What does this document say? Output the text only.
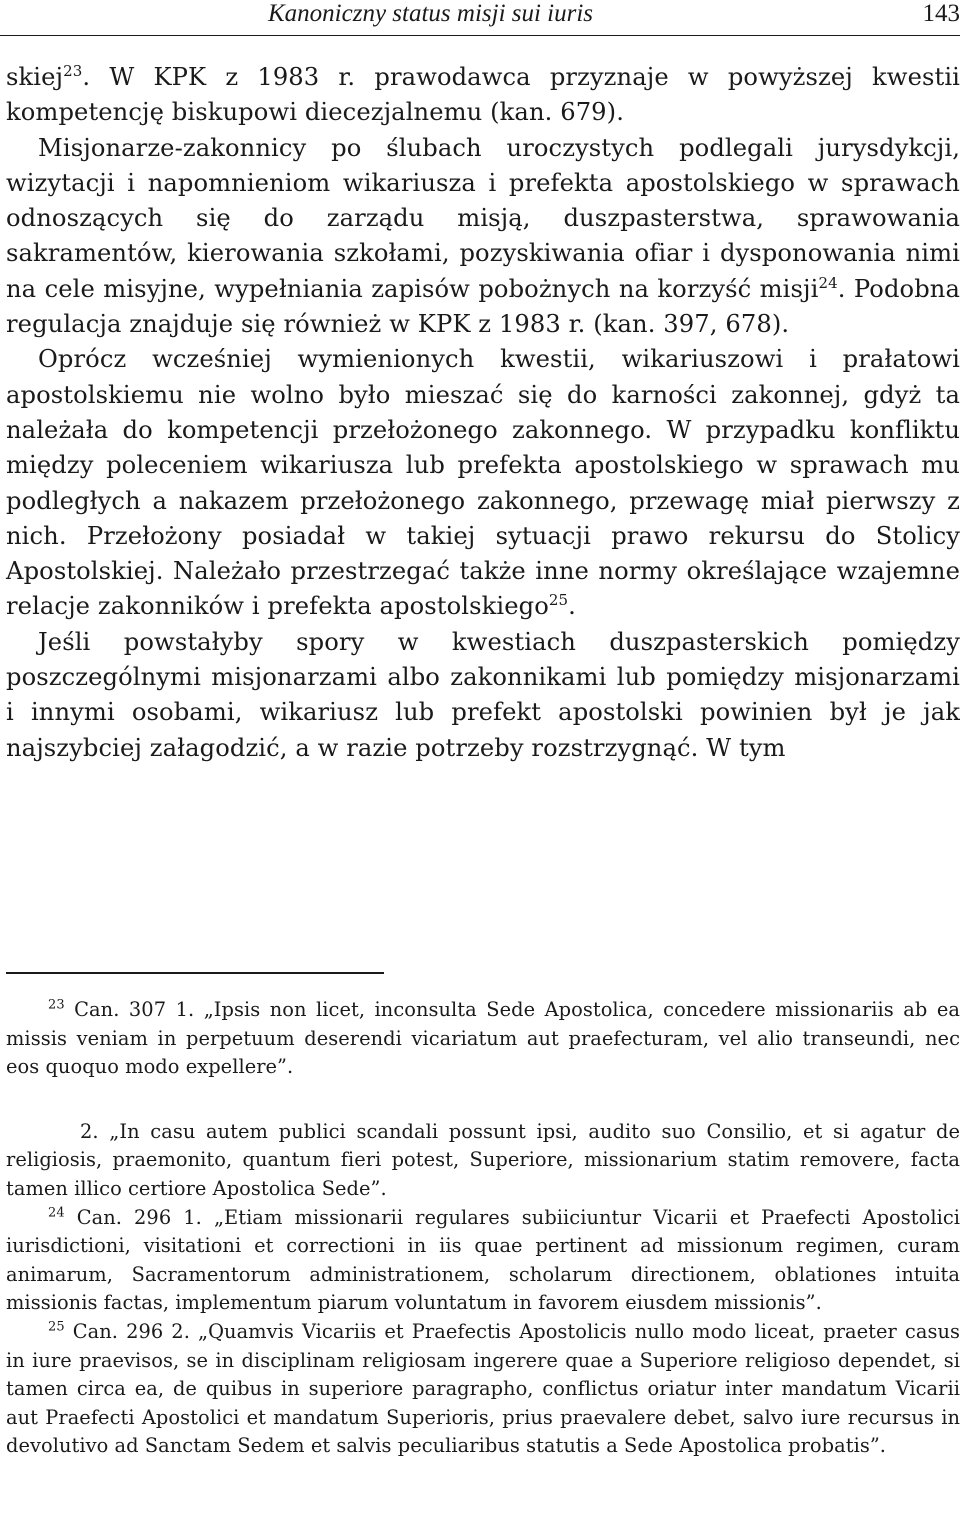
Kanoniczny status misji sui iuris	143

skiej$^{23}$. W KPK z 1983 r. prawodawca przyznaje w powyższej kwestii kompetencję biskupowi diecezjalnemu (kan. 679).

Misjonarze-zakonnicy po ślubach uroczystych podlegali jurysdykcji, wizytacji i napomnieniom wikariusza i prefekta apostolskiego w sprawach odnoszących się do zarządu misją, duszpasterstwa, sprawowania sakramentów, kierowania szkołami, pozyskiwania ofiar i dysponowania nimi na cele misyjne, wypełniania zapisów pobożnych na korzyść misji$^{24}$. Podobna regulacja znajduje się również w KPK z 1983 r. (kan. 397, 678).

Oprócz wcześniej wymienionych kwestii, wikariuszowi i prałatowi apostolskiemu nie wolno było mieszać się do karności zakonnej, gdyż ta należała do kompetencji przełożonego zakonnego. W przypadku konfliktu między poleceniem wikariusza lub prefekta apostolskiego w sprawach mu podległych a nakazem przełożonego zakonnego, przewagę miał pierwszy z nich. Przełożony posiadał w takiej sytuacji prawo rekursu do Stolicy Apostolskiej. Należało przestrzegać także inne normy określające wzajemne relacje zakonników i prefekta apostolskiego$^{25}$.

Jeśli powstałyby spory w kwestiach duszpasterskich pomiędzy poszczególnymi misjonarzami albo zakonnikami lub pomiędzy misjonarzami i innymi osobami, wikariusz lub prefekt apostolski powinien był je jak najszybciej załagodzić, a w razie potrzeby rozstrzygnąć. W tym

$^{23}$ Can. 307 1. „Ipsis non licet, inconsulta Sede Apostolica, concedere missionariis ab ea missis veniam in perpetuum deserendi vicariatum aut praefecturam, vel alio transeundi, nec eos quoquo modo expellere”.

2. „In casu autem publici scandali possunt ipsi, audito suo Consilio, et si agatur de religiosis, praemonito, quantum fieri potest, Superiore, missionarium statim removere, facta tamen illico certiore Apostolica Sede”.

$^{24}$ Can. 296 1. „Etiam missionarii regulares subiiciuntur Vicarii et Praefecti Apostolici iurisdictioni, visitationi et correctioni in iis quae pertinent ad missionum regimen, curam animarum, Sacramentorum administrationem, scholarum directionem, oblationes intuita missionis factas, implementum piarum voluntatum in favorem eiusdem missionis”.

$^{25}$ Can. 296 2. „Quamvis Vicariis et Praefectis Apostolicis nullo modo liceat, praeter casus in iure praevisos, se in disciplinam religiosam ingerere quae a Superiore religioso dependet, si tamen circa ea, de quibus in superiore paragrapho, conflictus oriatur inter mandatum Vicarii aut Praefecti Apostolici et mandatum Superioris, prius praevalere debet, salvo iure recursus in devolutivo ad Sanctam Sedem et salvis peculiaribus statutis a Sede Apostolica probatis”.
